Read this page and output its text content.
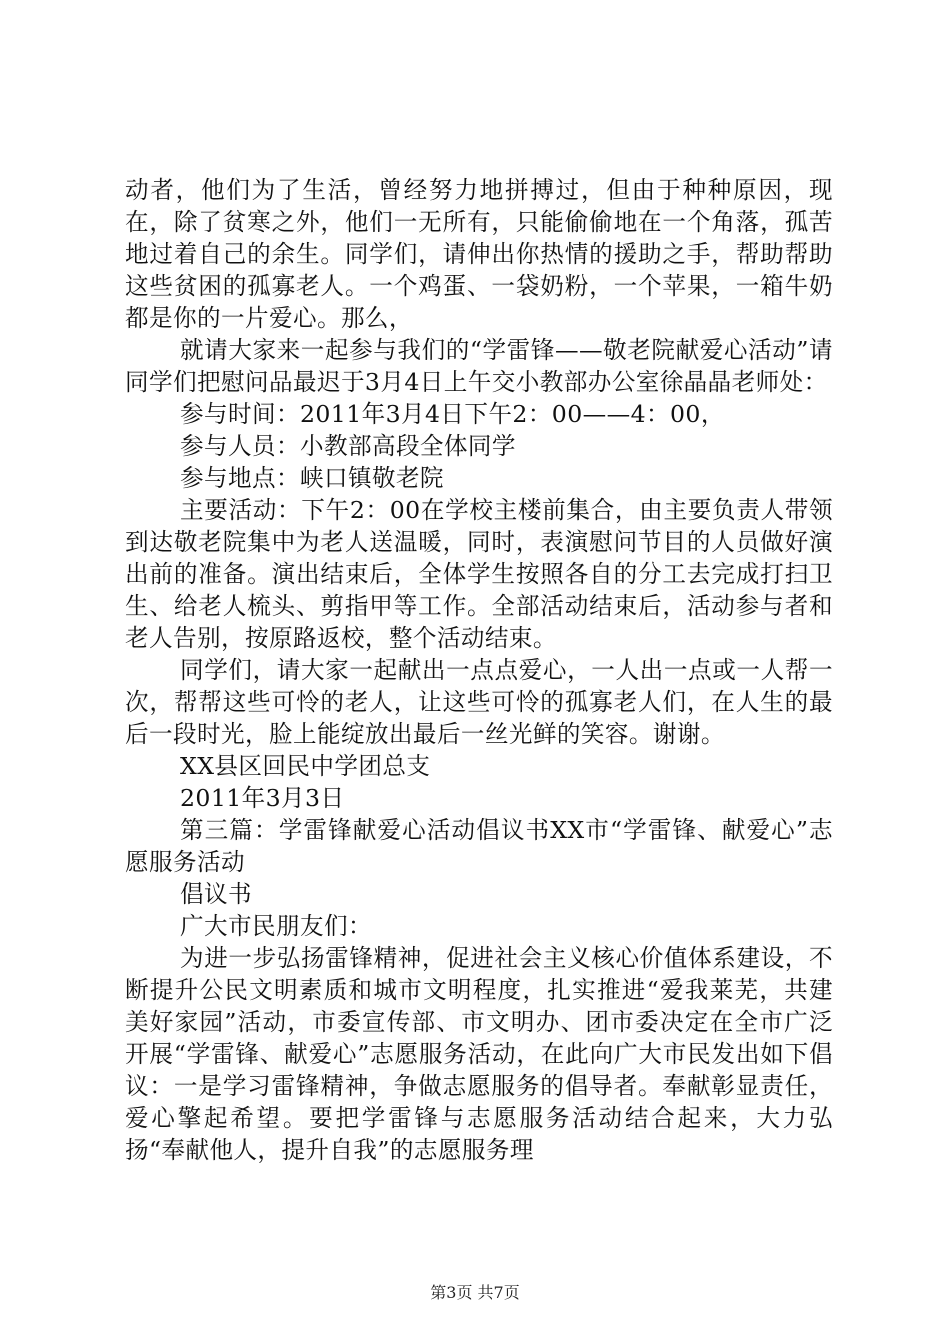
动者，他们为了生活，曾经努力地拼搏过，但由于种种原因，现在，除了贫寒之外，他们一无所有，只能偷偷地在一个角落，孤苦地过着自己的余生。同学们，请伸出你热情的援助之手，帮助帮助这些贫困的孤寡老人。一个鸡蛋、一袋奶粉，一个苹果，一箱牛奶都是你的一片爱心。那么，

就请大家来一起参与我们的“学雷锋——敬老院献爱心活动”请同学们把慰问品最迟于3月4日上午交小教部办公室徐晶晶老师处：

参与时间：2011年3月4日下午2：00——4：00，

参与人员：小教部高段全体同学

参与地点：峡口镇敬老院

主要活动：下午2：00在学校主楼前集合，由主要负责人带领到达敬老院集中为老人送温暖，同时，表演慰问节目的人员做好演出前的准备。演出结束后，全体学生按照各自的分工去完成打扫卫生、给老人梳头、剪指甲等工作。全部活动结束后，活动参与者和老人告别，按原路返校，整个活动结束。

同学们，请大家一起献出一点点爱心，一人出一点或一人帮一次，帮帮这些可怜的老人，让这些可怜的孤寡老人们，在人生的最后一段时光，脸上能绽放出最后一丝光鲜的笑容。谢谢。

XX县区回民中学团总支

2011年3月3日

第三篇：学雷锋献爱心活动倡议书XX市“学雷锋、献爱心”志愿服务活动

倡议书

广大市民朋友们：

为进一步弘扬雷锋精神，促进社会主义核心价值体系建设，不断提升公民文明素质和城市文明程度，扎实推进“爱我莱芜，共建美好家园”活动，市委宣传部、市文明办、团市委决定在全市广泛开展“学雷锋、献爱心”志愿服务活动，在此向广大市民发出如下倡议：一是学习雷锋精神，争做志愿服务的倡导者。奉献彰显责任，爱心擎起希望。要把学雷锋与志愿服务活动结合起来，大力弘扬“奉献他人，提升自我”的志愿服务理

第3页 共7页
